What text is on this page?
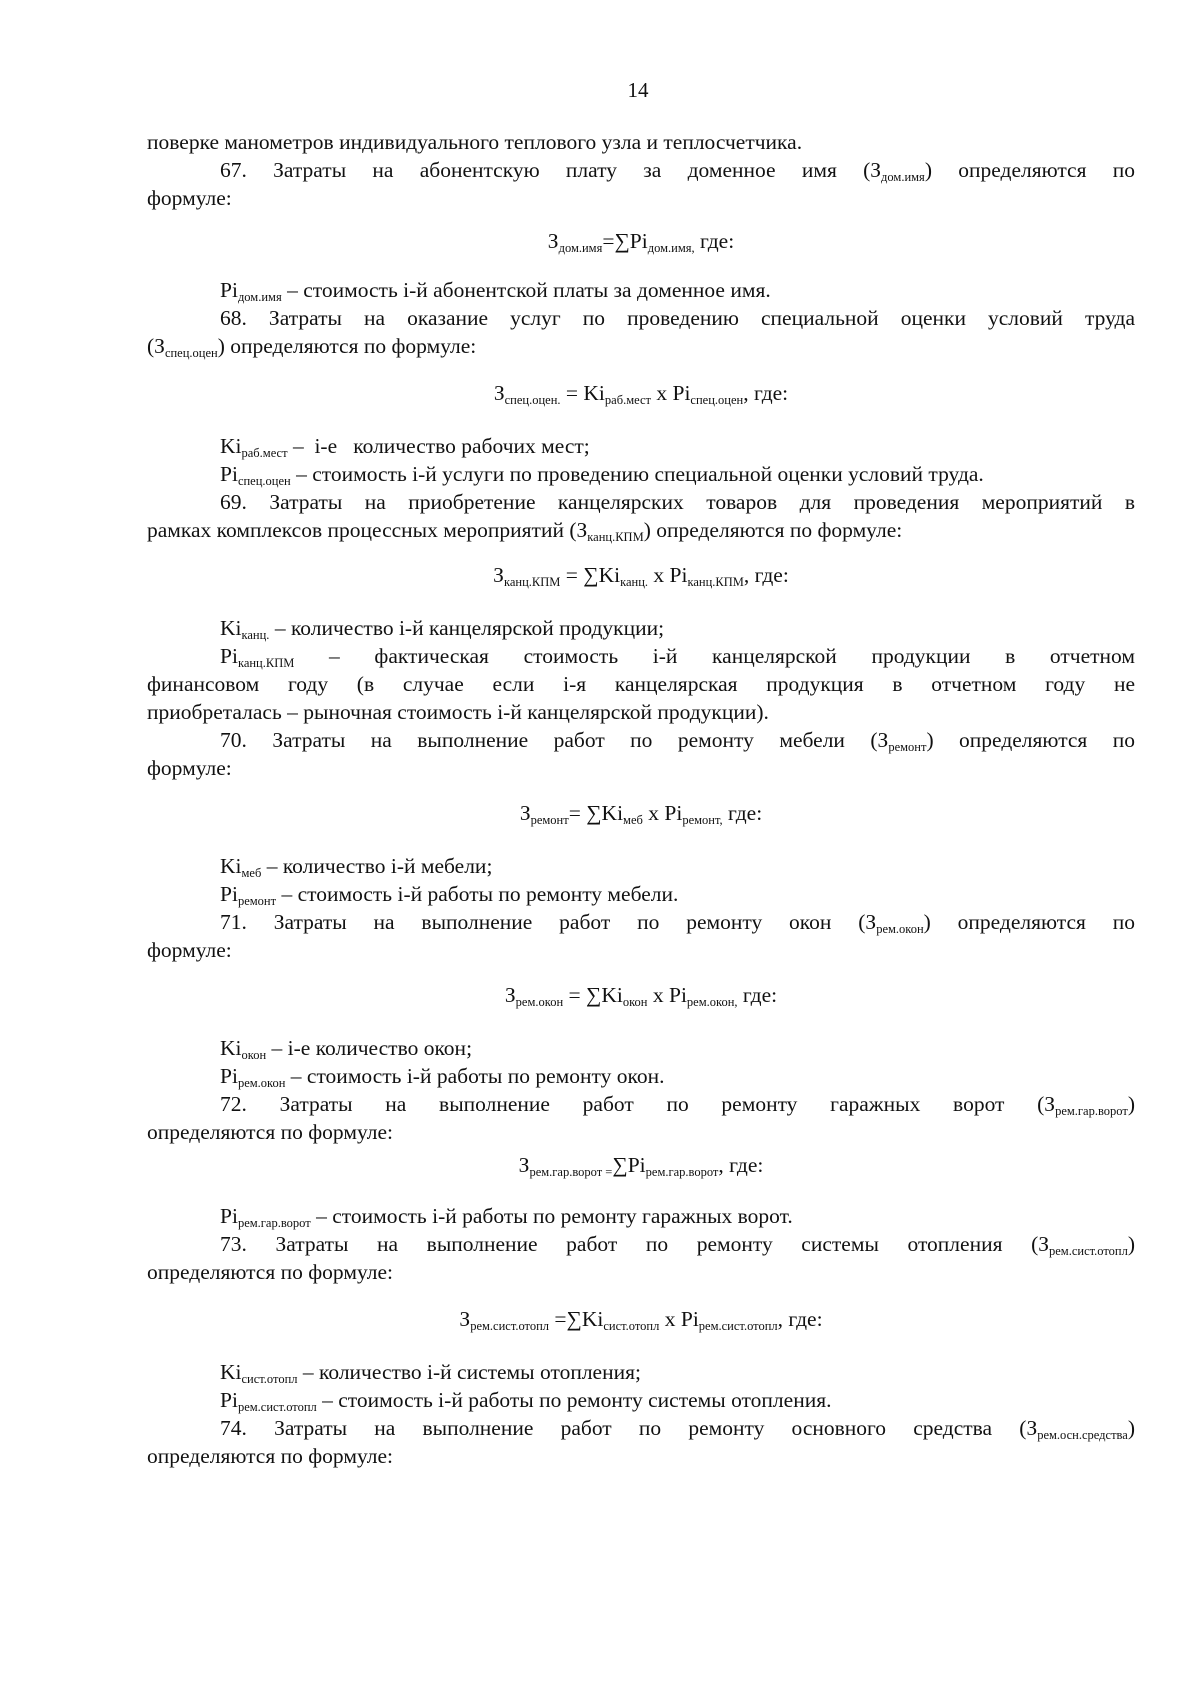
14
поверке манометров индивидуального теплового узла и теплосчетчика.
67. Затраты на абонентскую плату за доменное имя $(З_{дом.имя})$ определяются по
формуле:
$З_{дом.имя}=\sum Pi_{дом.имя,}$ где:
$Pi_{дом.имя}$ – стоимость i-й абонентской платы за доменное имя.
68. Затраты на оказание услуг по проведению специальной оценки условий труда
$(З_{спец.оцен})$ определяются по формуле:
$З_{спец.оцен.} = Ki_{раб.мест}$ x $Pi_{спец.оцен}$, где:
$Ki_{раб.мест} - i-е$   количество рабочих мест;
$Pi_{спец.оцен}$ – стоимость i-й услуги по проведению специальной оценки условий труда.
69. Затраты на приобретение канцелярских товаров для проведения мероприятий в
рамках комплексов процессных мероприятий $(З_{канц.КПМ})$ определяются по формуле:
$З_{канц.КПМ} = \sum Ki_{канц.}$ x $Pi_{канц.КПМ}$, где:
$Ki_{канц.}$ – количество i-й канцелярской продукции;
$Pi_{канц.КПМ}$ – фактическая стоимость i-й канцелярской продукции в отчетном
финансовом году (в случае если i-я канцелярская продукция в отчетном году не
приобреталась – рыночная стоимость i-й канцелярской продукции).
70. Затраты на выполнение работ по ремонту мебели $(З_{ремонт})$ определяются по
формуле:
$З_{ремонт}= \sum Ki_{меб}$ x $Pi_{ремонт,}$ где:
$Ki_{меб}$ – количество i-й мебели;
$Pi_{ремонт}$ – стоимость i-й работы по ремонту мебели.
71. Затраты на выполнение работ по ремонту окон $(З_{рем.окон})$ определяются по
формуле:
$З_{рем.окон} = \sum Ki_{окон}$ x $Pi_{рем.окон,}$ где:
$Ki_{окон} - i-е$ количество окон;
$Pi_{рем.окон}$ – стоимость i-й работы по ремонту окон.
72. Затраты на выполнение работ по ремонту гаражных ворот $(З_{рем.гар.ворот})$
определяются по формуле:
$З_{рем.гар.ворот =}\sum Pi_{рем.гар.ворот}$, где:
$Pi_{рем.гар.ворот}$ – стоимость i-й работы по ремонту гаражных ворот.
73. Затраты на выполнение работ по ремонту системы отопления $(З_{рем.сист.отопл})$
определяются по формуле:
$З_{рем.сист.отопл} =\sum Ki_{сист.отопл}$ x $Pi_{рем.сист.отопл}$, где:
$Ki_{сист.отопл}$ – количество i-й системы отопления;
$Pi_{рем.сист.отопл}$ – стоимость i-й работы по ремонту системы отопления.
74. Затраты на выполнение работ по ремонту основного средства $(З_{рем.осн.средства})$
определяются по формуле:
